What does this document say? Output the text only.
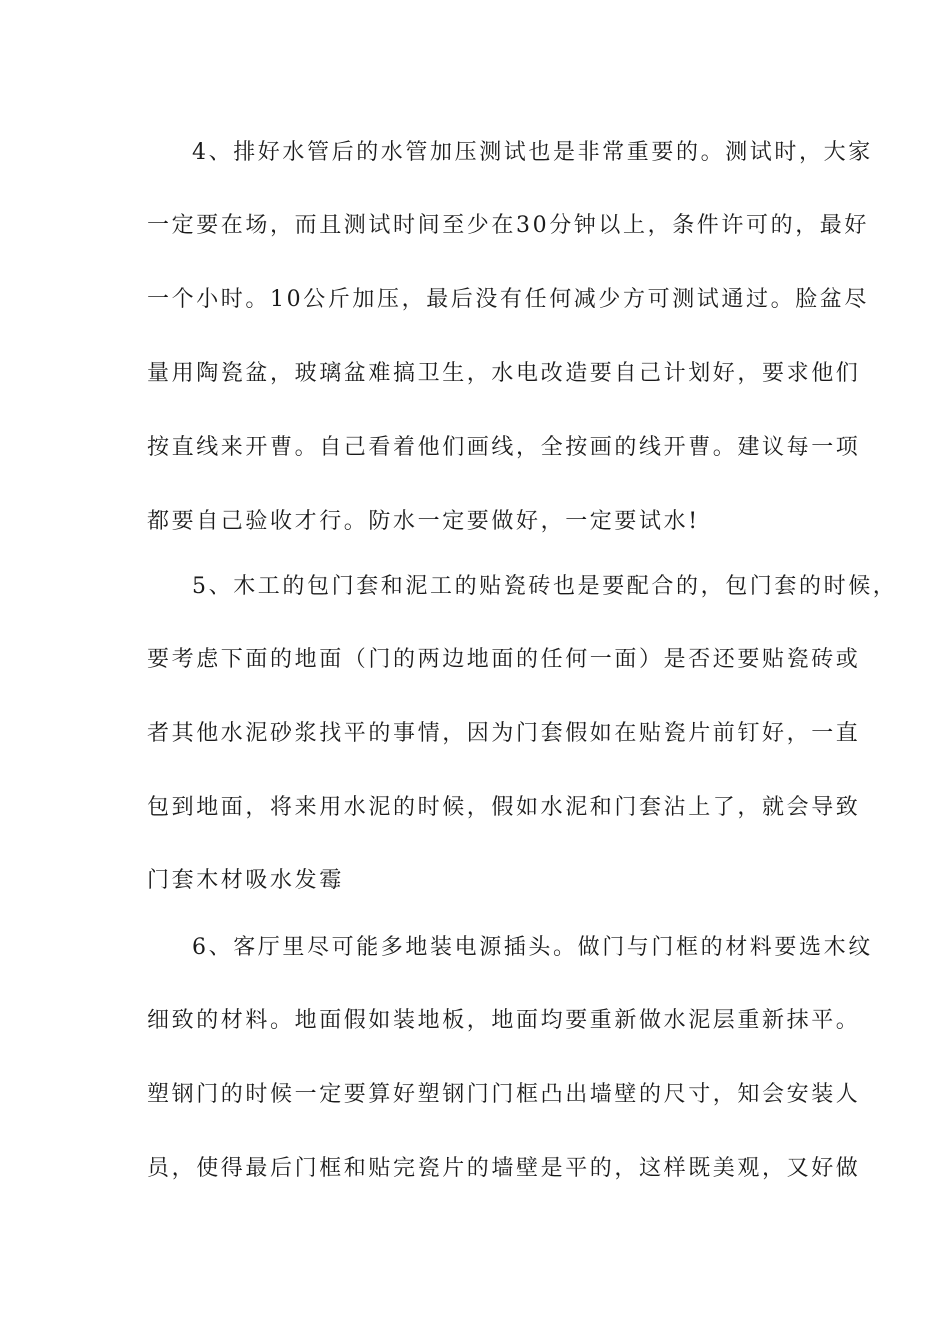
4、排好水管后的水管加压测试也是非常重要的。测试时，大家
一定要在场，而且测试时间至少在30分钟以上，条件许可的，最好
一个小时。10公斤加压，最后没有任何减少方可测试通过。脸盆尽
量用陶瓷盆，玻璃盆难搞卫生，水电改造要自己计划好，要求他们
按直线来开曹。自己看着他们画线，全按画的线开曹。建议每一项
都要自己验收才行。防水一定要做好，一定要试水!
5、木工的包门套和泥工的贴瓷砖也是要配合的，包门套的时候，
要考虑下面的地面（门的两边地面的任何一面）是否还要贴瓷砖或
者其他水泥砂浆找平的事情，因为门套假如在贴瓷片前钉好，一直
包到地面，将来用水泥的时候，假如水泥和门套沾上了，就会导致
门套木材吸水发霉
6、客厅里尽可能多地装电源插头。做门与门框的材料要选木纹
细致的材料。地面假如装地板，地面均要重新做水泥层重新抹平。
塑钢门的时候一定要算好塑钢门门框凸出墙壁的尺寸，知会安装人
员，使得最后门框和贴完瓷片的墙壁是平的，这样既美观，又好做
